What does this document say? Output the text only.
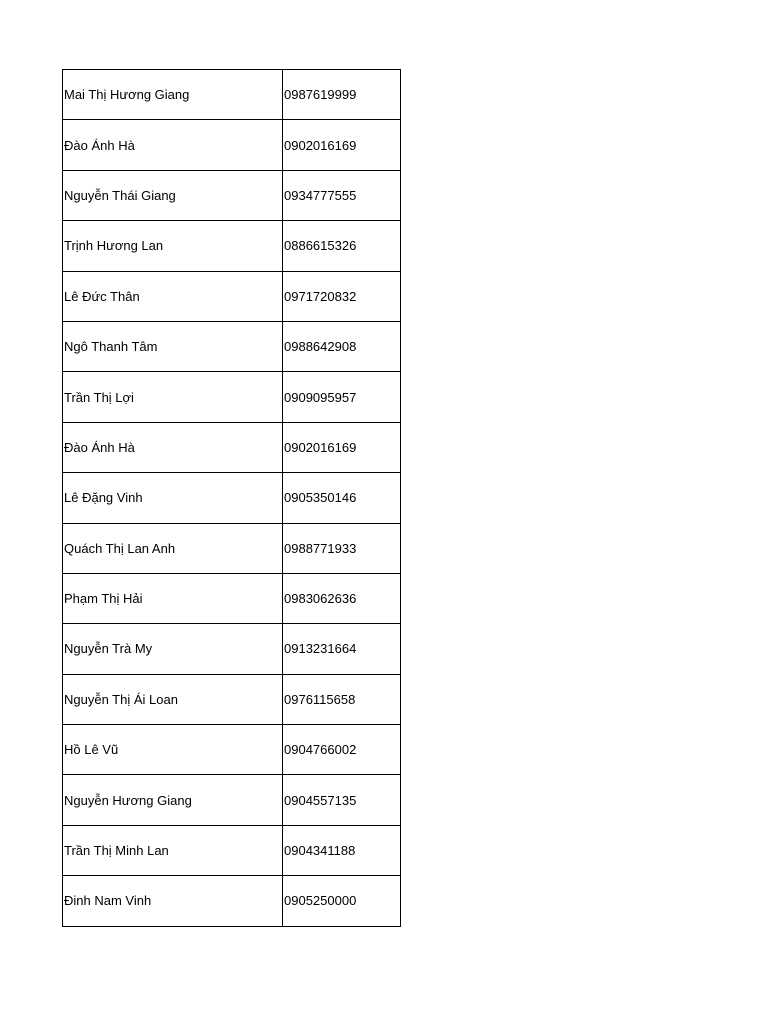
Mai Thị Hương Giang	0987619999
Đào Ánh Hà	0902016169
Nguyễn Thái Giang	0934777555
Trịnh Hương Lan	0886615326
Lê Đức Thân	0971720832
Ngô Thanh Tâm	0988642908
Trần Thị Lợi	0909095957
Đào Ánh Hà	0902016169
Lê Đặng Vinh	0905350146
Quách Thị Lan Anh	0988771933
Phạm Thị Hải	0983062636
Nguyễn Trà My	0913231664
Nguyễn Thị Ái Loan	0976115658
Hồ Lê Vũ	0904766002
Nguyễn Hương Giang	0904557135
Trần Thị Minh Lan	0904341188
Đinh Nam Vinh	0905250000
